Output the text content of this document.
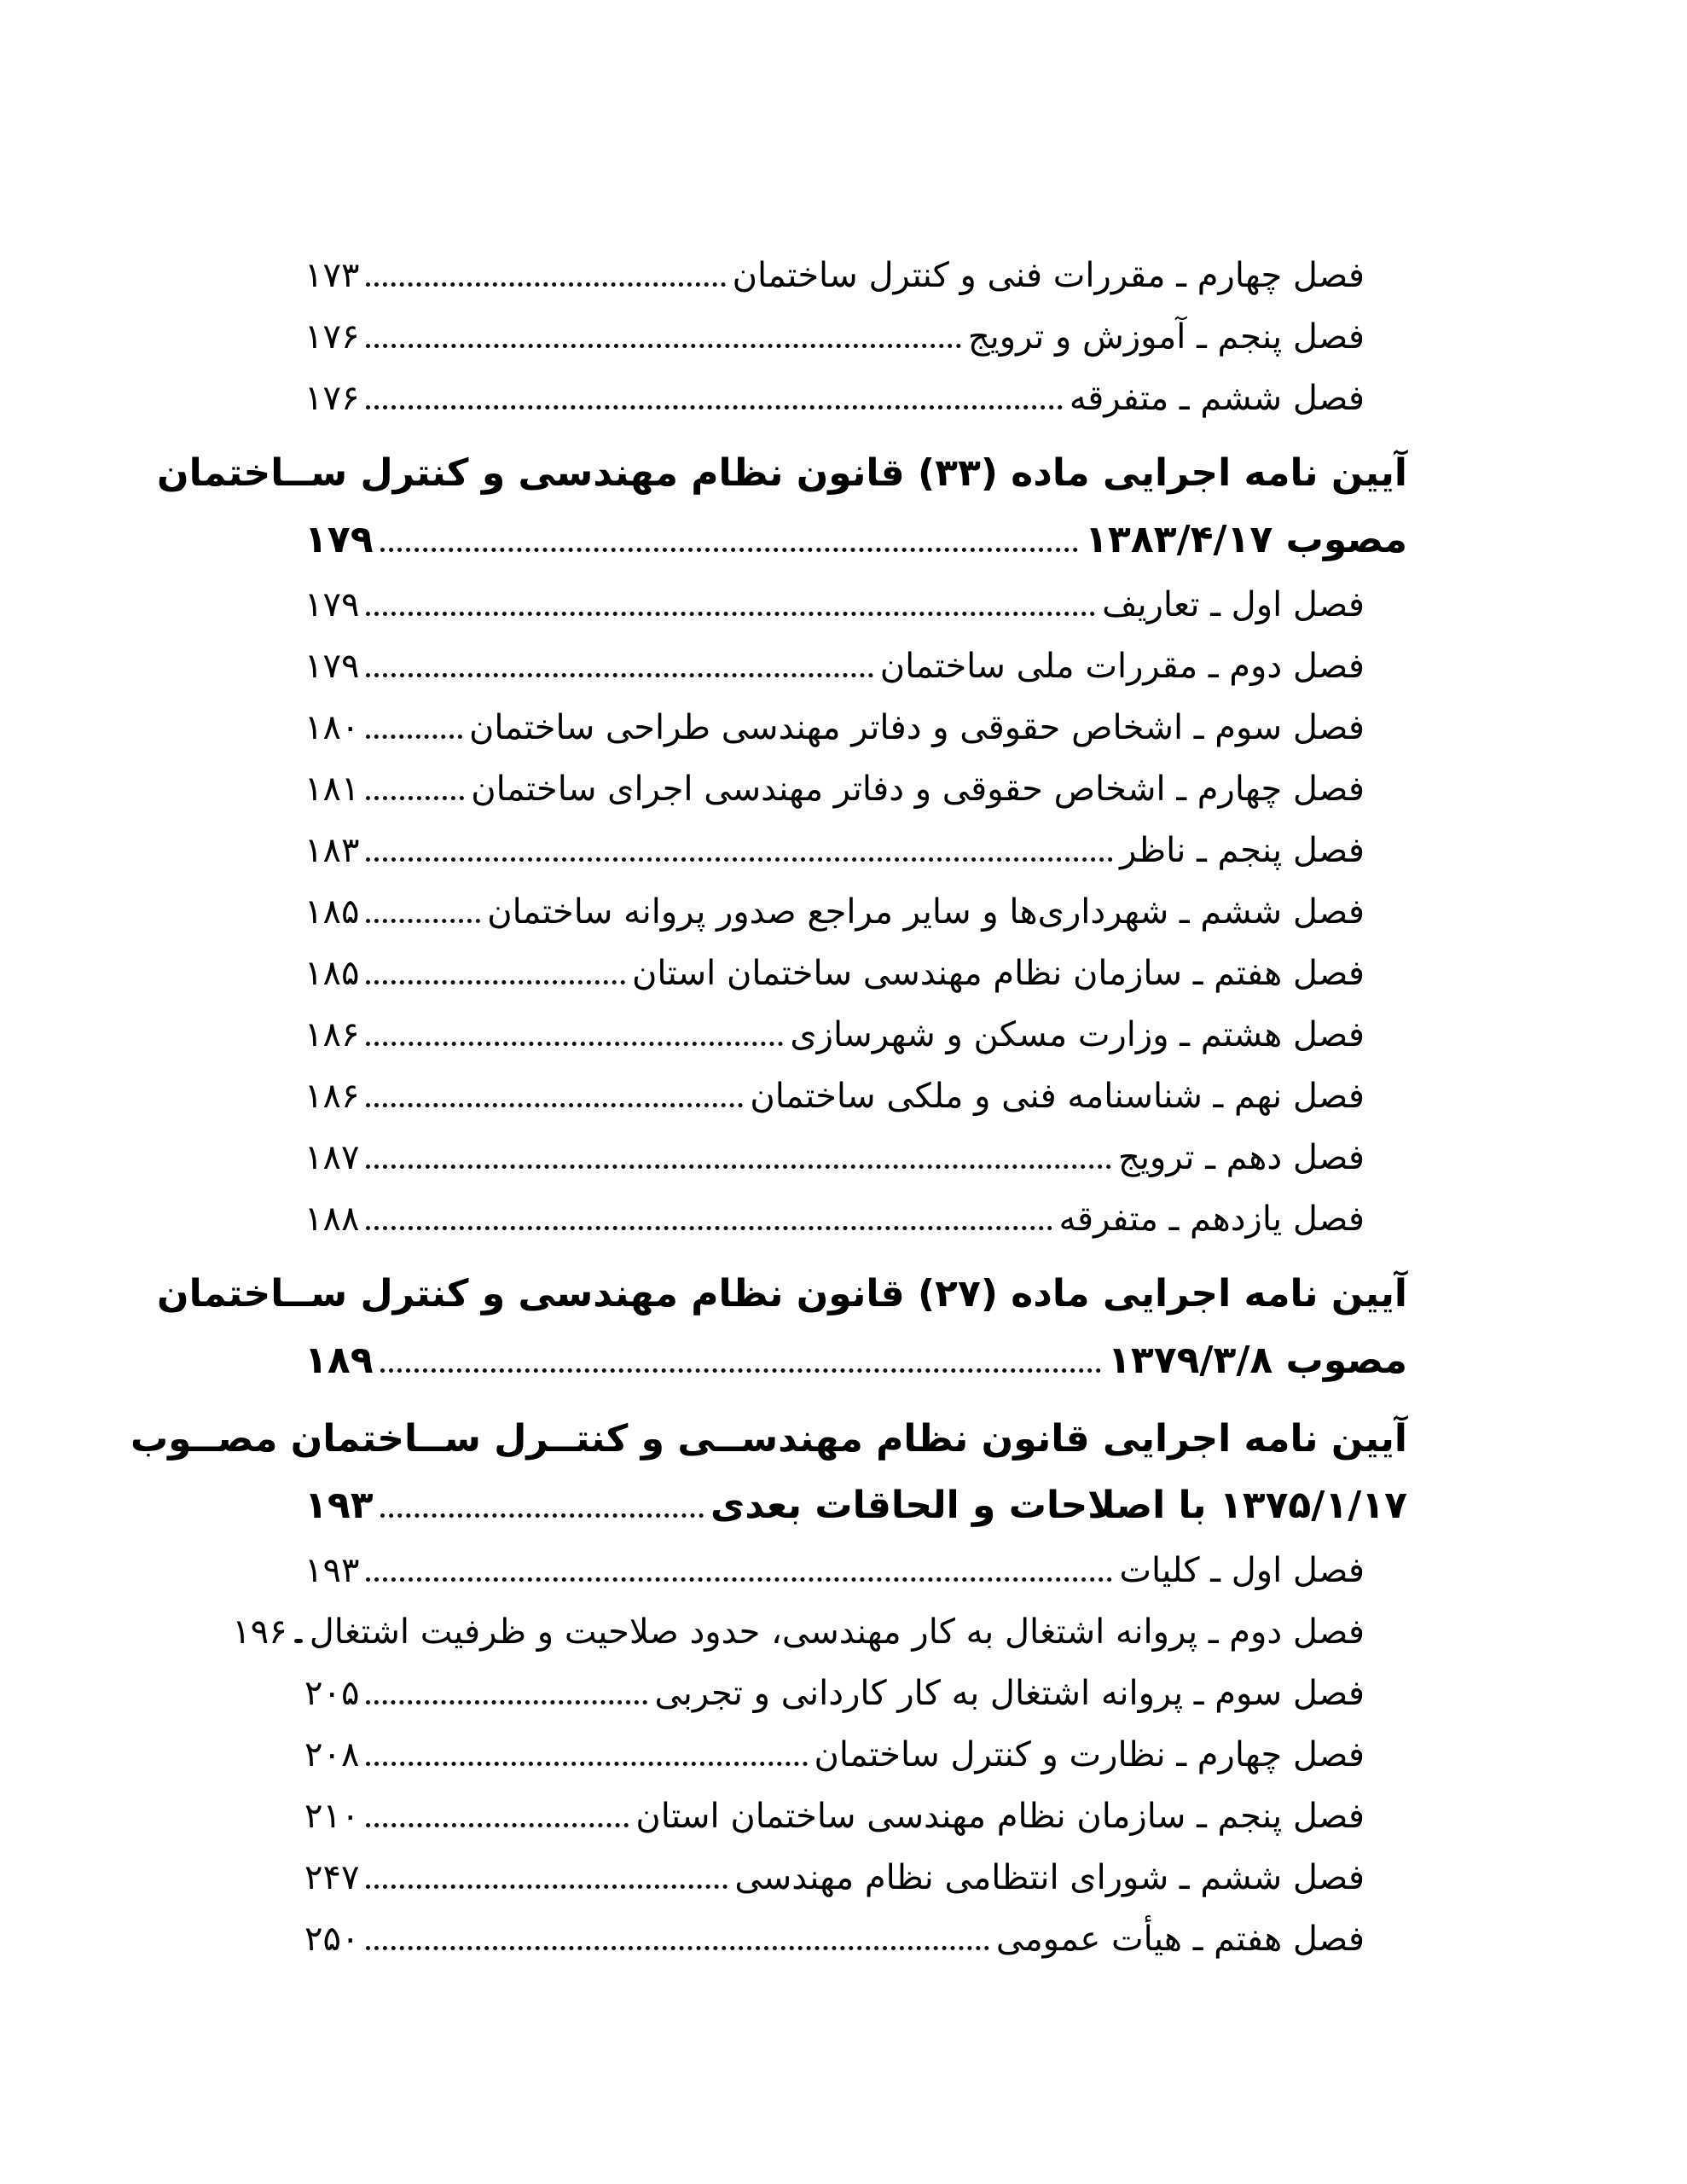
فصل چهارم ـ مقررات فنی و کنترل ساختمان
۱۷۳
فصل پنجم ـ آموزش و ترویج
۱۷۶
فصل ششم ـ متفرقه
۱۷۶
آیین نامه اجرایی ماده (۳۳) قانون نظام مهندسی و کنترل ســاختمان
مصوب ۱۳۸۳/۴/۱۷
۱۷۹
فصل اول ـ تعاریف
۱۷۹
فصل دوم ـ مقررات ملی ساختمان
۱۷۹
فصل سوم ـ اشخاص حقوقی و دفاتر مهندسی طراحی ساختمان
۱۸۰
فصل چهارم ـ اشخاص حقوقی و دفاتر مهندسی اجرای ساختمان
۱۸۱
فصل پنجم ـ ناظر
۱۸۳
فصل ششم ـ شهرداری‌ها و سایر مراجع صدور پروانه ساختمان
۱۸۵
فصل هفتم ـ سازمان نظام مهندسی ساختمان استان
۱۸۵
فصل هشتم ـ وزارت مسکن و شهرسازی
۱۸۶
فصل نهم ـ شناسنامه فنی و ملکی ساختمان
۱۸۶
فصل دهم ـ ترویج
۱۸۷
فصل یازدهم ـ متفرقه
۱۸۸
آیین نامه اجرایی ماده (۲۷) قانون نظام مهندسی و کنترل ســاختمان
مصوب ۱۳۷۹/۳/۸
۱۸۹
آیین نامه اجرایی قانون نظام مهندســی و کنتــرل ســاختمان مصــوب
۱۳۷۵/۱/۱۷ با اصلاحات و الحاقات بعدی
۱۹۳
فصل اول ـ کلیات
۱۹۳
فصل دوم ـ پروانه اشتغال به کار مهندسی، حدود صلاحیت و ظرفیت اشتغال
۱۹۶
فصل سوم ـ پروانه اشتغال به کار کاردانی و تجربی
۲۰۵
فصل چهارم ـ نظارت و کنترل ساختمان
۲۰۸
فصل پنجم ـ سازمان نظام مهندسی ساختمان استان
۲۱۰
فصل ششم ـ شورای انتظامی نظام مهندسی
۲۴۷
فصل هفتم ـ هیأت عمومی
۲۵۰
